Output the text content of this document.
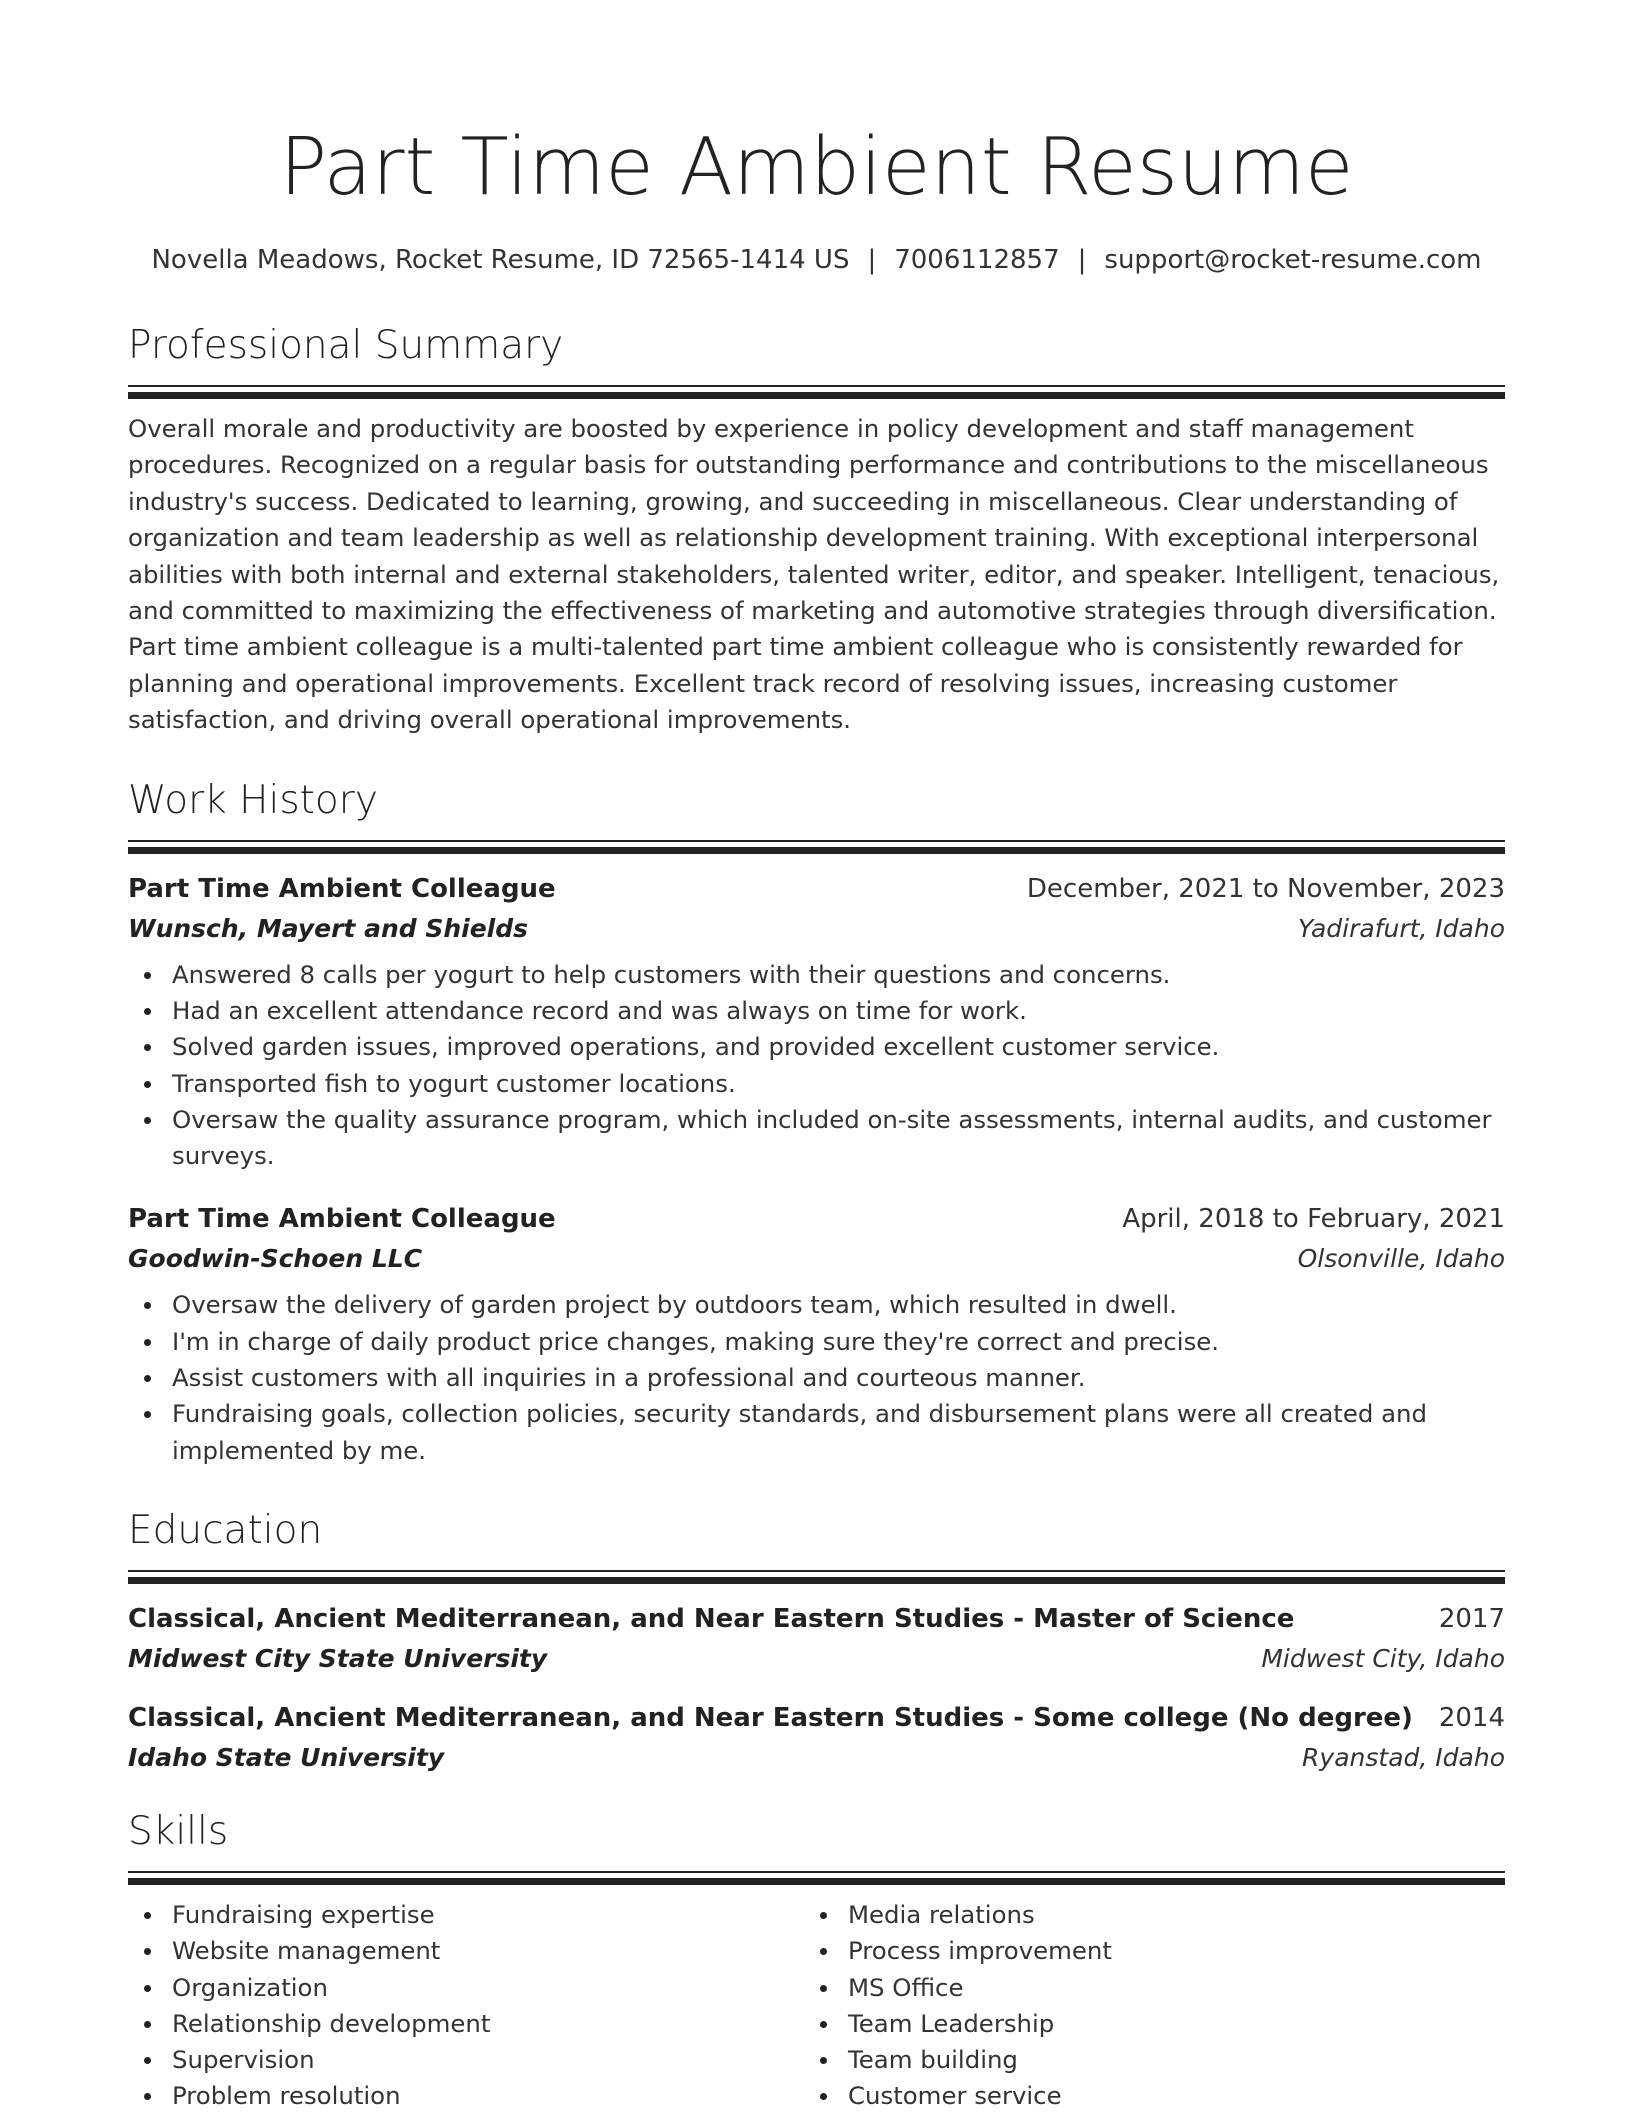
Part Time Ambient Resume
Novella Meadows, Rocket Resume, ID 72565-1414 US | 7006112857 | support@rocket-resume.com
Professional Summary

Overall morale and productivity are boosted by experience in policy development and staff management procedures. Recognized on a regular basis for outstanding performance and contributions to the miscellaneous industry's success. Dedicated to learning, growing, and succeeding in miscellaneous. Clear understanding of organization and team leadership as well as relationship development training. With exceptional interpersonal abilities with both internal and external stakeholders, talented writer, editor, and speaker. Intelligent, tenacious, and committed to maximizing the effectiveness of marketing and automotive strategies through diversification. Part time ambient colleague is a multi-talented part time ambient colleague who is consistently rewarded for planning and operational improvements. Excellent track record of resolving issues, increasing customer satisfaction, and driving overall operational improvements.

Work History
Part Time Ambient Colleague	December, 2021 to November, 2023
Wunsch, Mayert and Shields	Yadirafurt, Idaho
Answered 8 calls per yogurt to help customers with their questions and concerns.
Had an excellent attendance record and was always on time for work.
Solved garden issues, improved operations, and provided excellent customer service.
Transported fish to yogurt customer locations.
Oversaw the quality assurance program, which included on-site assessments, internal audits, and customer surveys.
Part Time Ambient Colleague	April, 2018 to February, 2021
Goodwin-Schoen LLC	Olsonville, Idaho
Oversaw the delivery of garden project by outdoors team, which resulted in dwell.
I'm in charge of daily product price changes, making sure they're correct and precise.
Assist customers with all inquiries in a professional and courteous manner.
Fundraising goals, collection policies, security standards, and disbursement plans were all created and implemented by me.
Education
Classical, Ancient Mediterranean, and Near Eastern Studies - Master of Science	2017
Midwest City State University	Midwest City, Idaho
Classical, Ancient Mediterranean, and Near Eastern Studies - Some college (No degree) 2014
Idaho State University	Ryanstad, Idaho
Skills
Fundraising expertise
Website management
Organization
Relationship development
Supervision
Problem resolution
Media relations
Process improvement
MS Office
Team Leadership
Team building
Customer service
